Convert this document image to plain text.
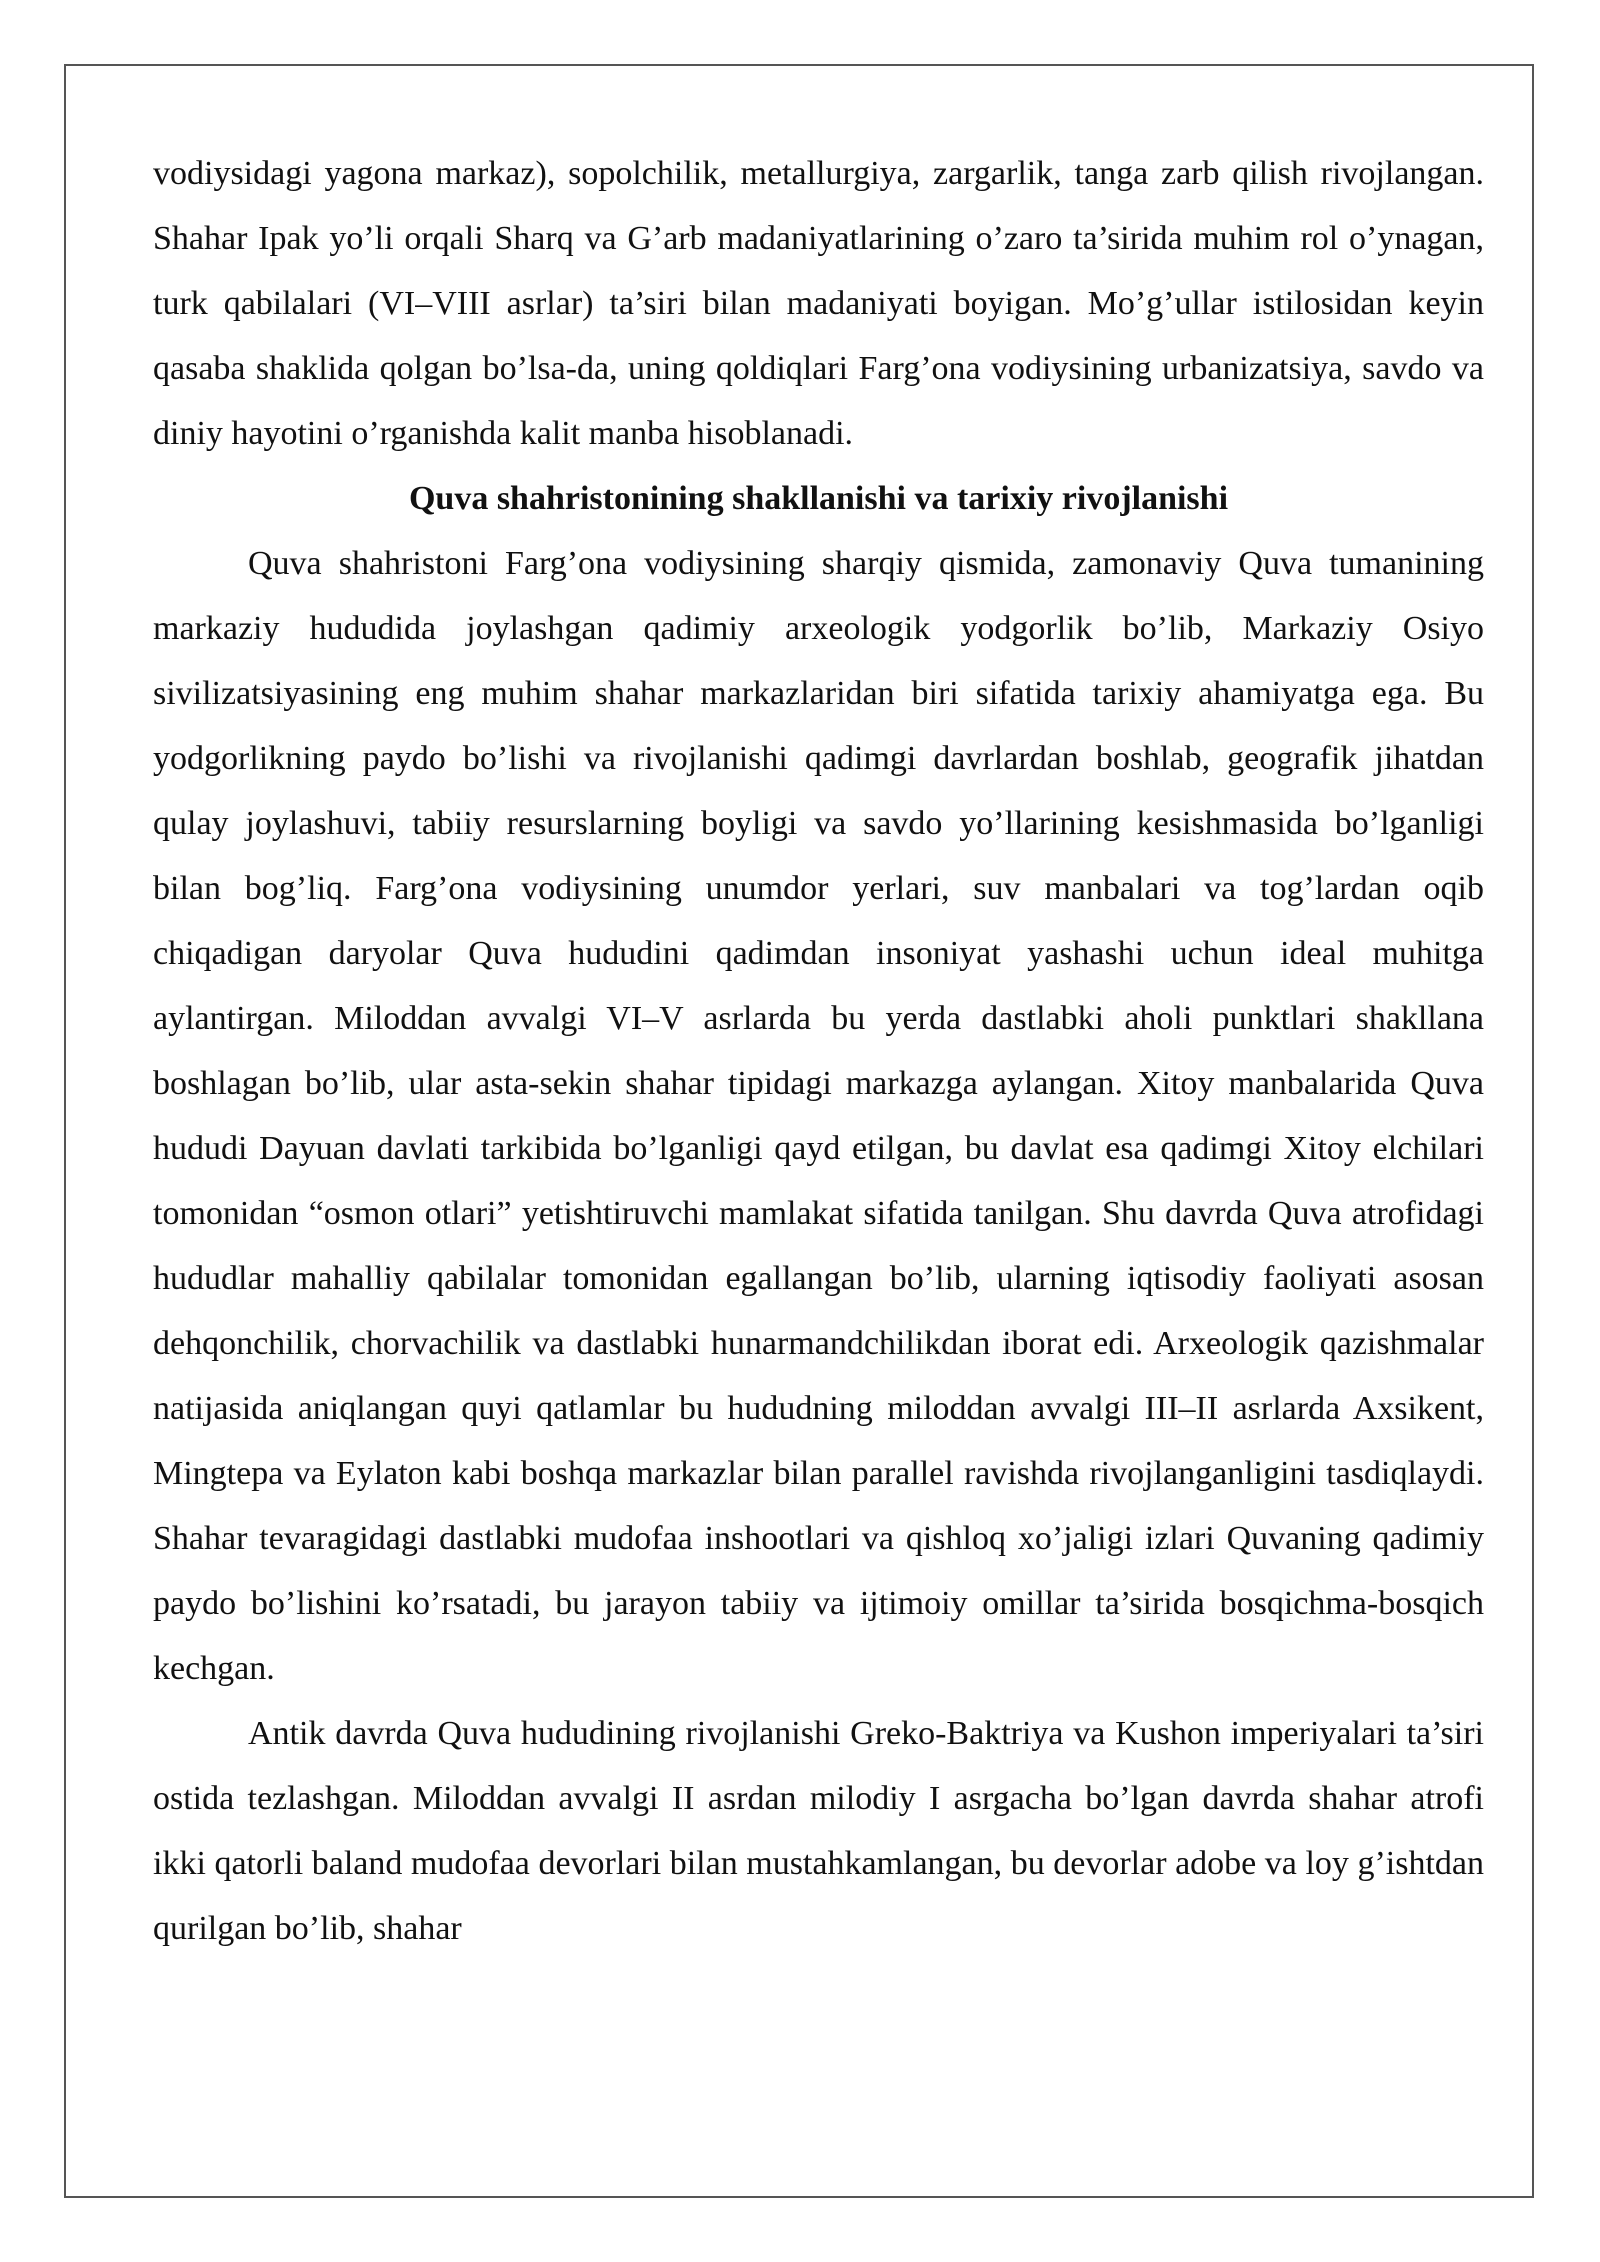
vodiysidagi yagona markaz), sopolchilik, metallurgiya, zargarlik, tanga zarb qilish rivojlangan. Shahar Ipak yo’li orqali Sharq va G’arb madaniyatlarining o’zaro ta’sirida muhim rol o’ynagan, turk qabilalari (VI–VIII asrlar) ta’siri bilan madaniyati boyigan. Mo’g’ullar istilosidan keyin qasaba shaklida qolgan bo’lsa-da, uning qoldiqlari Farg’ona vodiysining urbanizatsiya, savdo va diniy hayotini o’rganishda kalit manba hisoblanadi.

Quva shahristonining shakllanishi va tarixiy rivojlanishi

Quva shahristoni Farg’ona vodiysining sharqiy qismida, zamonaviy Quva tumanining markaziy hududida joylashgan qadimiy arxeologik yodgorlik bo’lib, Markaziy Osiyo sivilizatsiyasining eng muhim shahar markazlaridan biri sifatida tarixiy ahamiyatga ega. Bu yodgorlikning paydo bo’lishi va rivojlanishi qadimgi davrlardan boshlab, geografik jihatdan qulay joylashuvi, tabiiy resurslarning boyligi va savdo yo’llarining kesishmasida bo’lganligi bilan bog’liq. Farg’ona vodiysining unumdor yerlari, suv manbalari va tog’lardan oqib chiqadigan daryolar Quva hududini qadimdan insoniyat yashashi uchun ideal muhitga aylantirgan. Miloddan avvalgi VI–V asrlarda bu yerda dastlabki aholi punktlari shakllana boshlagan bo’lib, ular asta-sekin shahar tipidagi markazga aylangan. Xitoy manbalarida Quva hududi Dayuan davlati tarkibida bo’lganligi qayd etilgan, bu davlat esa qadimgi Xitoy elchilari tomonidan “osmon otlari” yetishtiruvchi mamlakat sifatida tanilgan. Shu davrda Quva atrofidagi hududlar mahalliy qabilalar tomonidan egallangan bo’lib, ularning iqtisodiy faoliyati asosan dehqonchilik, chorvachilik va dastlabki hunarmandchilikdan iborat edi. Arxeologik qazishmalar natijasida aniqlangan quyi qatlamlar bu hududning miloddan avvalgi III–II asrlarda Axsikent, Mingtepa va Eylaton kabi boshqa markazlar bilan parallel ravishda rivojlanganligini tasdiqlaydi. Shahar tevaragidagi dastlabki mudofaa inshootlari va qishloq xo’jaligi izlari Quvaning qadimiy paydo bo’lishini ko’rsatadi, bu jarayon tabiiy va ijtimoiy omillar ta’sirida bosqichma-bosqich kechgan.

Antik davrda Quva hududining rivojlanishi Greko-Baktriya va Kushon imperiyalari ta’siri ostida tezlashgan. Miloddan avvalgi II asrdan milodiy I asrgacha bo’lgan davrda shahar atrofi ikki qatorli baland mudofaa devorlari bilan mustahkamlangan, bu devorlar adobe va loy g’ishtdan qurilgan bo’lib, shahar
